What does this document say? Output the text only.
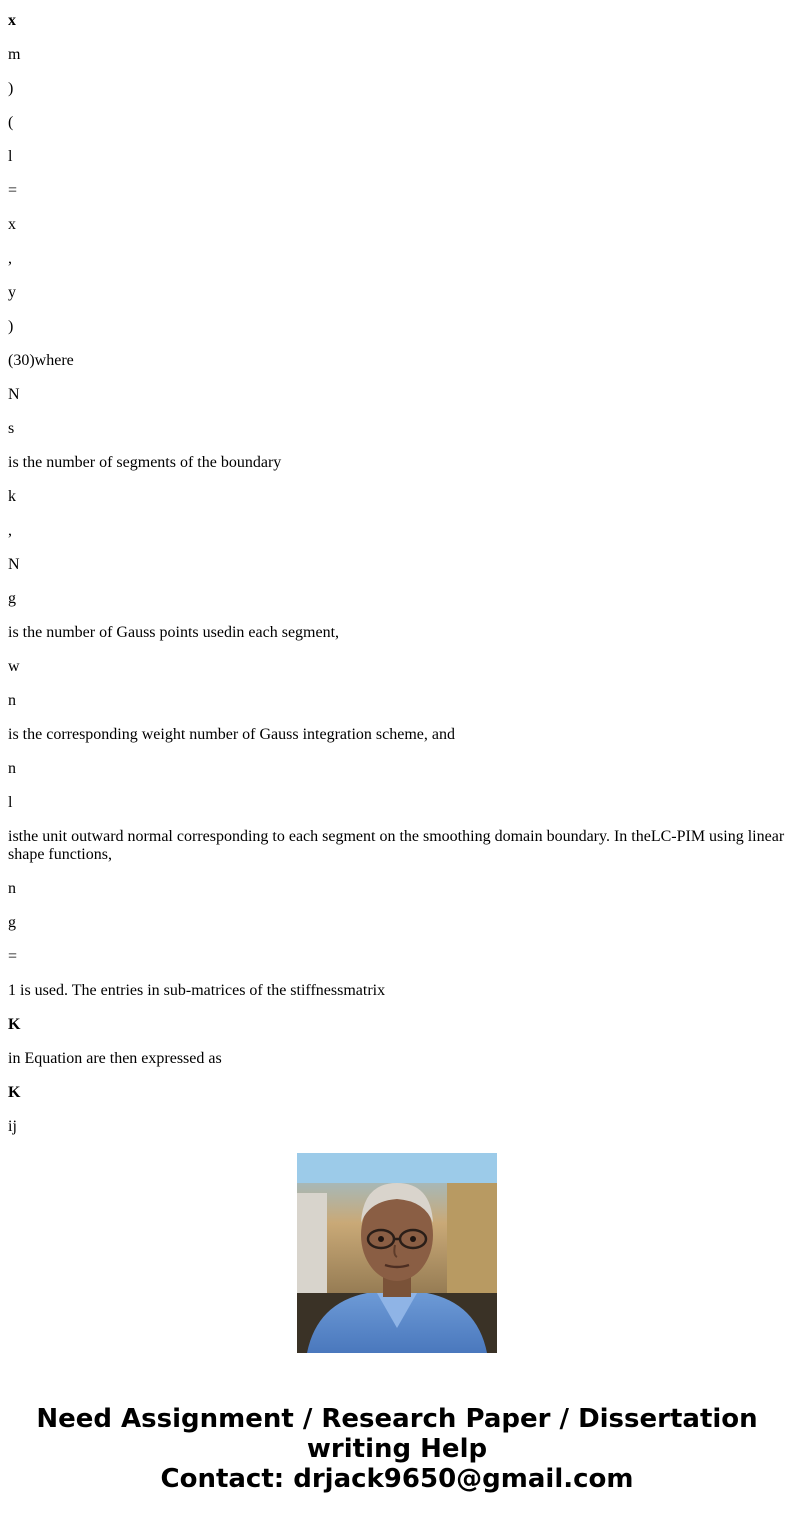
x

m

)

(

l

=

x

,

y

)

(30)where

N

s

is the number of segments of the boundary

k

,

N

g

is the number of Gauss points usedin each segment,

w

n

is the corresponding weight number of Gauss integration scheme, and

n

l

isthe unit outward normal corresponding to each segment on the smoothing domain boundary. In theLC-PIM using linear shape functions,

n

g

=

1 is used. The entries in sub-matrices of the stiffnessmatrix

K

in Equation are then expressed as

K

ij

Need Assignment / Research Paper / Dissertation
writing Help
Contact: drjack9650@gmail.com
